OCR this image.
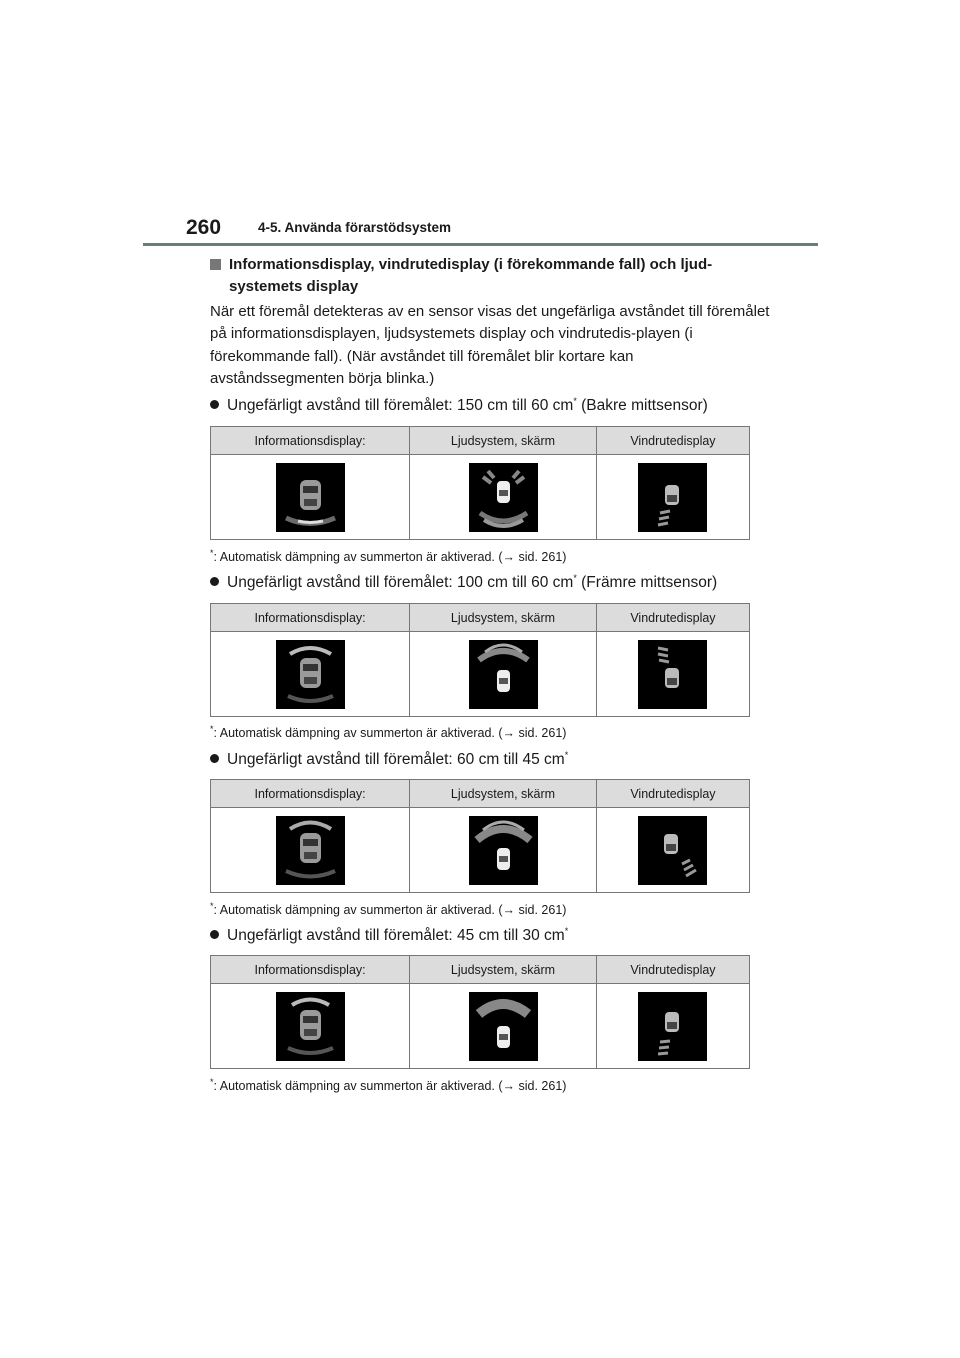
260	4-5. Använda förarstödsystem
Informationsdisplay, vindrutedisplay (i förekommande fall) och ljud-systemets display
När ett föremål detekteras av en sensor visas det ungefärliga avståndet till föremålet på informationsdisplayen, ljudsystemets display och vindrutedis-playen (i förekommande fall). (När avståndet till föremålet blir kortare kan avståndssegmenten börja blinka.)
Ungefärligt avstånd till föremålet: 150 cm till 60 cm* (Bakre mittsensor)
Informationsdisplay:	Ljudsystem, skärm	Vindrutedisplay

*: Automatisk dämpning av summerton är aktiverad. (→ sid. 261)
Ungefärligt avstånd till föremålet: 100 cm till 60 cm* (Främre mittsensor)
Informationsdisplay:	Ljudsystem, skärm	Vindrutedisplay

*: Automatisk dämpning av summerton är aktiverad. (→ sid. 261)
Ungefärligt avstånd till föremålet: 60 cm till 45 cm*
Informationsdisplay:	Ljudsystem, skärm	Vindrutedisplay

*: Automatisk dämpning av summerton är aktiverad. (→ sid. 261)
Ungefärligt avstånd till föremålet: 45 cm till 30 cm*
Informationsdisplay:	Ljudsystem, skärm	Vindrutedisplay

*: Automatisk dämpning av summerton är aktiverad. (→ sid. 261)
